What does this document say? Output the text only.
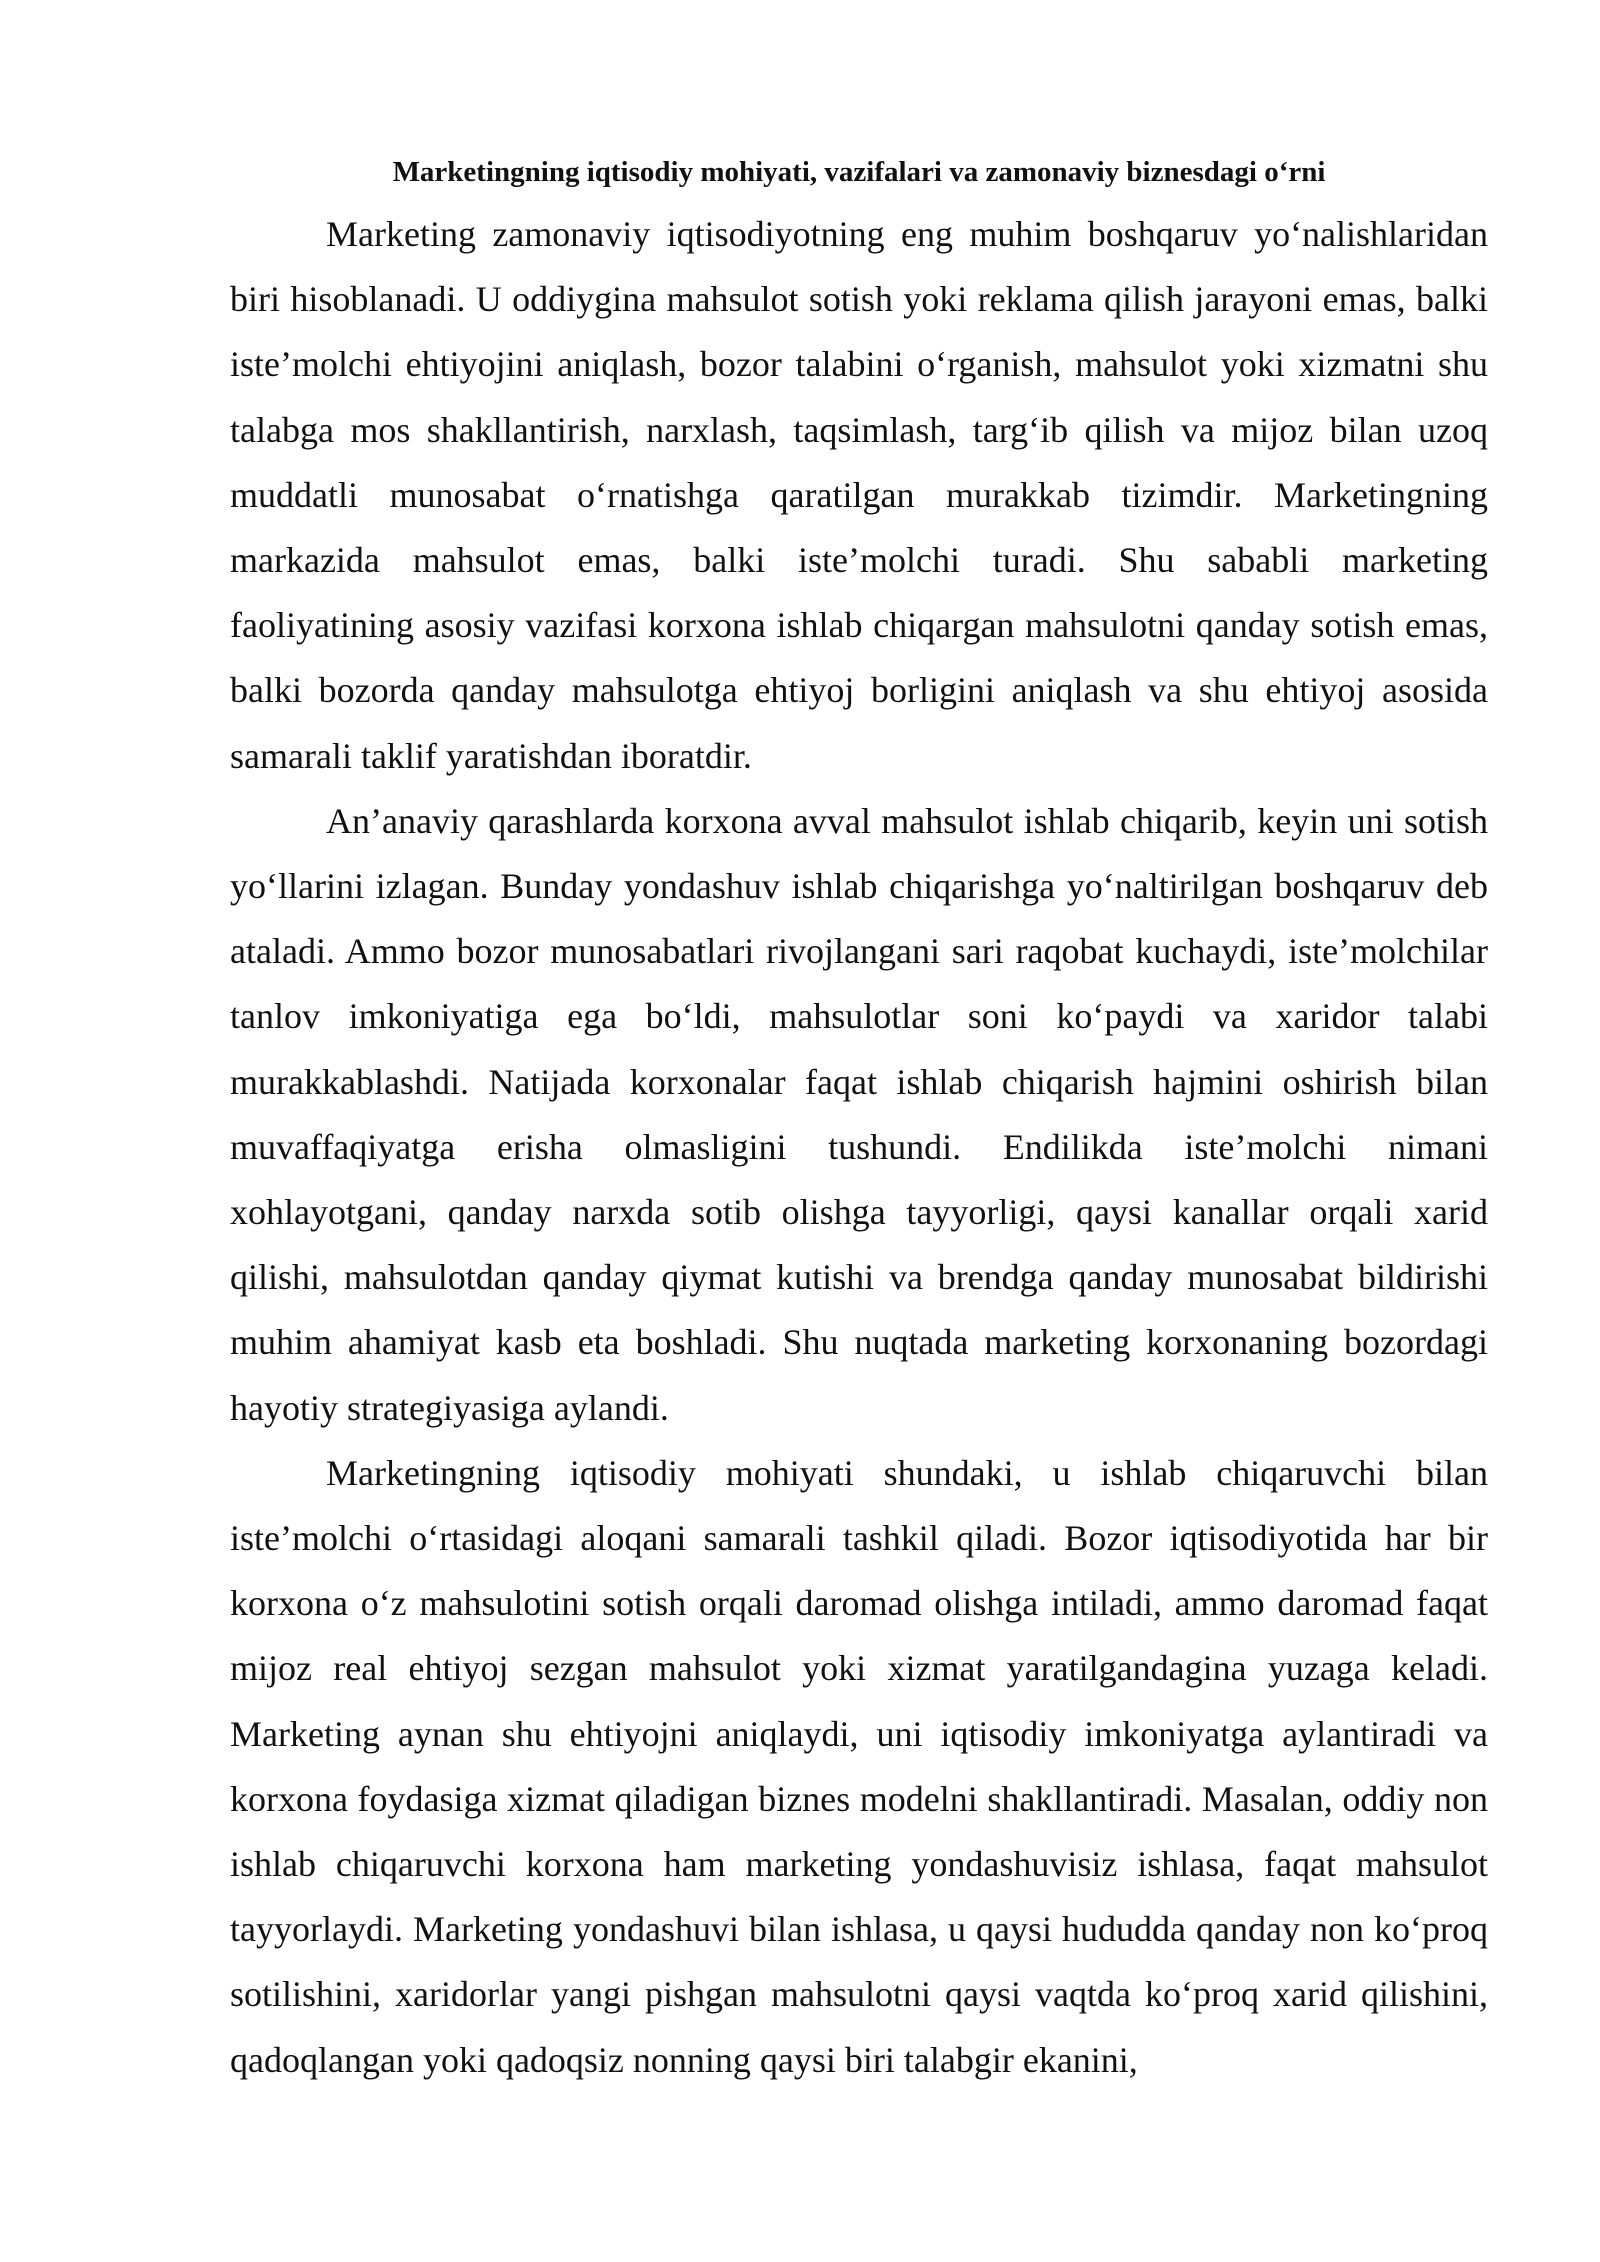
Marketingning iqtisodiy mohiyati, vazifalari va zamonaviy biznesdagi o‘rni

Marketing zamonaviy iqtisodiyotning eng muhim boshqaruv yo‘nalishlaridan biri hisoblanadi. U oddiygina mahsulot sotish yoki reklama qilish jarayoni emas, balki iste’molchi ehtiyojini aniqlash, bozor talabini o‘rganish, mahsulot yoki xizmatni shu talabga mos shakllantirish, narxlash, taqsimlash, targ‘ib qilish va mijoz bilan uzoq muddatli munosabat o‘rnatishga qaratilgan murakkab tizimdir. Marketingning markazida mahsulot emas, balki iste’molchi turadi. Shu sababli marketing faoliyatining asosiy vazifasi korxona ishlab chiqargan mahsulotni qanday sotish emas, balki bozorda qanday mahsulotga ehtiyoj borligini aniqlash va shu ehtiyoj asosida samarali taklif yaratishdan iboratdir.

An’anaviy qarashlarda korxona avval mahsulot ishlab chiqarib, keyin uni sotish yo‘llarini izlagan. Bunday yondashuv ishlab chiqarishga yo‘naltirilgan boshqaruv deb ataladi. Ammo bozor munosabatlari rivojlangani sari raqobat kuchaydi, iste’molchilar tanlov imkoniyatiga ega bo‘ldi, mahsulotlar soni ko‘paydi va xaridor talabi murakkablashdi. Natijada korxonalar faqat ishlab chiqarish hajmini oshirish bilan muvaffaqiyatga erisha olmasligini tushundi. Endilikda iste’molchi nimani xohlayotgani, qanday narxda sotib olishga tayyorligi, qaysi kanallar orqali xarid qilishi, mahsulotdan qanday qiymat kutishi va brendga qanday munosabat bildirishi muhim ahamiyat kasb eta boshladi. Shu nuqtada marketing korxonaning bozordagi hayotiy strategiyasiga aylandi.

Marketingning iqtisodiy mohiyati shundaki, u ishlab chiqaruvchi bilan iste’molchi o‘rtasidagi aloqani samarali tashkil qiladi. Bozor iqtisodiyotida har bir korxona o‘z mahsulotini sotish orqali daromad olishga intiladi, ammo daromad faqat mijoz real ehtiyoj sezgan mahsulot yoki xizmat yaratilgandagina yuzaga keladi. Marketing aynan shu ehtiyojni aniqlaydi, uni iqtisodiy imkoniyatga aylantiradi va korxona foydasiga xizmat qiladigan biznes modelni shakllantiradi. Masalan, oddiy non ishlab chiqaruvchi korxona ham marketing yondashuvisiz ishlasa, faqat mahsulot tayyorlaydi. Marketing yondashuvi bilan ishlasa, u qaysi hududda qanday non ko‘proq sotilishini, xaridorlar yangi pishgan mahsulotni qaysi vaqtda ko‘proq xarid qilishini, qadoqlangan yoki qadoqsiz nonning qaysi biri talabgir ekanini,
